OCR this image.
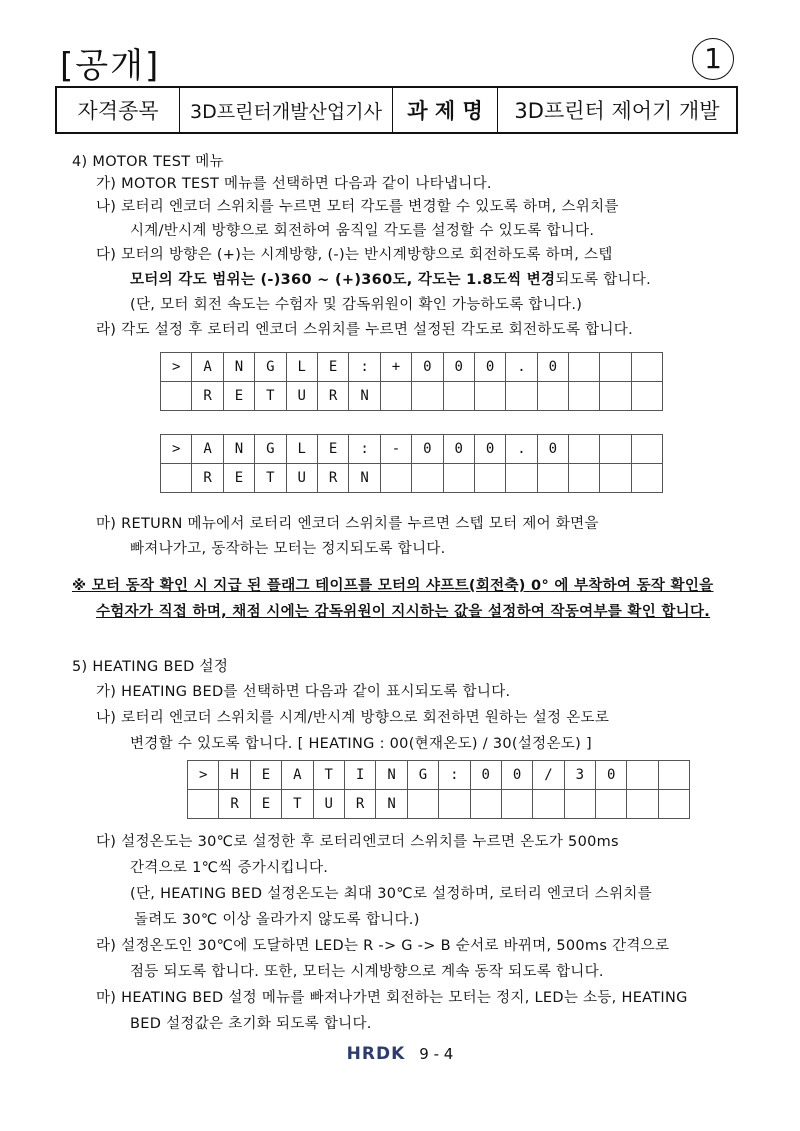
[공개]	1
자격종목	3D프린터개발산업기사	과 제 명	3D프린터 제어기 개발
4) MOTOR TEST 메뉴
가) MOTOR TEST 메뉴를 선택하면 다음과 같이 나타냅니다.
나) 로터리 엔코더 스위치를 누르면 모터 각도를 변경할 수 있도록 하며, 스위치를
시계/반시계 방향으로 회전하여 움직일 각도를 설정할 수 있도록 합니다.
다) 모터의 방향은 (+)는 시계방향, (-)는 반시계방향으로 회전하도록 하며, 스텝
모터의 각도 범위는 (-)360 ~ (+)360도, 각도는 1.8도씩 변경되도록 합니다.
(단, 모터 회전 속도는 수험자 및 감독위원이 확인 가능하도록 합니다.)
라) 각도 설정 후 로터리 엔코더 스위치를 누르면 설정된 각도로 회전하도록 합니다.
>	A	N	G	L	E	:	+	0	0	0	.	0			
	R	E	T	U	R	N									
>	A	N	G	L	E	:	-	0	0	0	.	0			
	R	E	T	U	R	N									
마) RETURN 메뉴에서 로터리 엔코더 스위치를 누르면 스텝 모터 제어 화면을
빠져나가고, 동작하는 모터는 정지되도록 합니다.
※ 모터 동작 확인 시 지급 된 플래그 테이프를 모터의 샤프트(회전축) 0° 에 부착하여 동작 확인을
수험자가 직접 하며, 채점 시에는 감독위원이 지시하는 값을 설정하여 작동여부를 확인 합니다.
5) HEATING BED 설정
가) HEATING BED를 선택하면 다음과 같이 표시되도록 합니다.
나) 로터리 엔코더 스위치를 시계/반시계 방향으로 회전하면 원하는 설정 온도로
변경할 수 있도록 합니다. [ HEATING : 00(현재온도) / 30(설정온도) ]
>	H	E	A	T	I	N	G	:	0	0	/	3	0		
	R	E	T	U	R	N									
다) 설정온도는 30℃로 설정한 후 로터리엔코더 스위치를 누르면 온도가 500ms
간격으로 1℃씩 증가시킵니다.
(단, HEATING BED 설정온도는 최대 30℃로 설정하며, 로터리 엔코더 스위치를
돌려도 30℃ 이상 올라가지 않도록 합니다.)
라) 설정온도인 30℃에 도달하면 LED는 R -> G -> B 순서로 바뀌며, 500ms 간격으로
점등 되도록 합니다. 또한, 모터는 시계방향으로 계속 동작 되도록 합니다.
마) HEATING BED 설정 메뉴를 빠져나가면 회전하는 모터는 정지, LED는 소등, HEATING
BED 설정값은 초기화 되도록 합니다.
HRDK 9 - 4
